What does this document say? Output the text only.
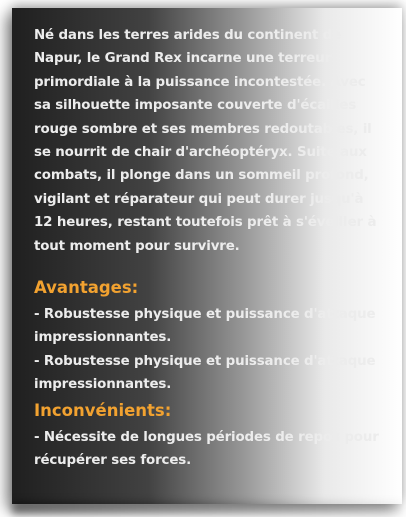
Né dans les terres arides du continent de Napur, le Grand Rex incarne une terreur primordiale à la puissance incontestée. Avec sa silhouette imposante couverte d'écailles rouge sombre et ses membres redoutables, il se nourrit de chair d'archéoptéryx. Suite aux combats, il plonge dans un sommeil profond, vigilant et réparateur qui peut durer jusqu'à 12 heures, restant toutefois prêt à s'éveiller à tout moment pour survivre.

Avantages:
- Robustesse physique et puissance d'attaque impressionnantes.
- Robustesse physique et puissance d'attaque impressionnantes.
Inconvénients:
- Nécessite de longues périodes de repos pour récupérer ses forces.
